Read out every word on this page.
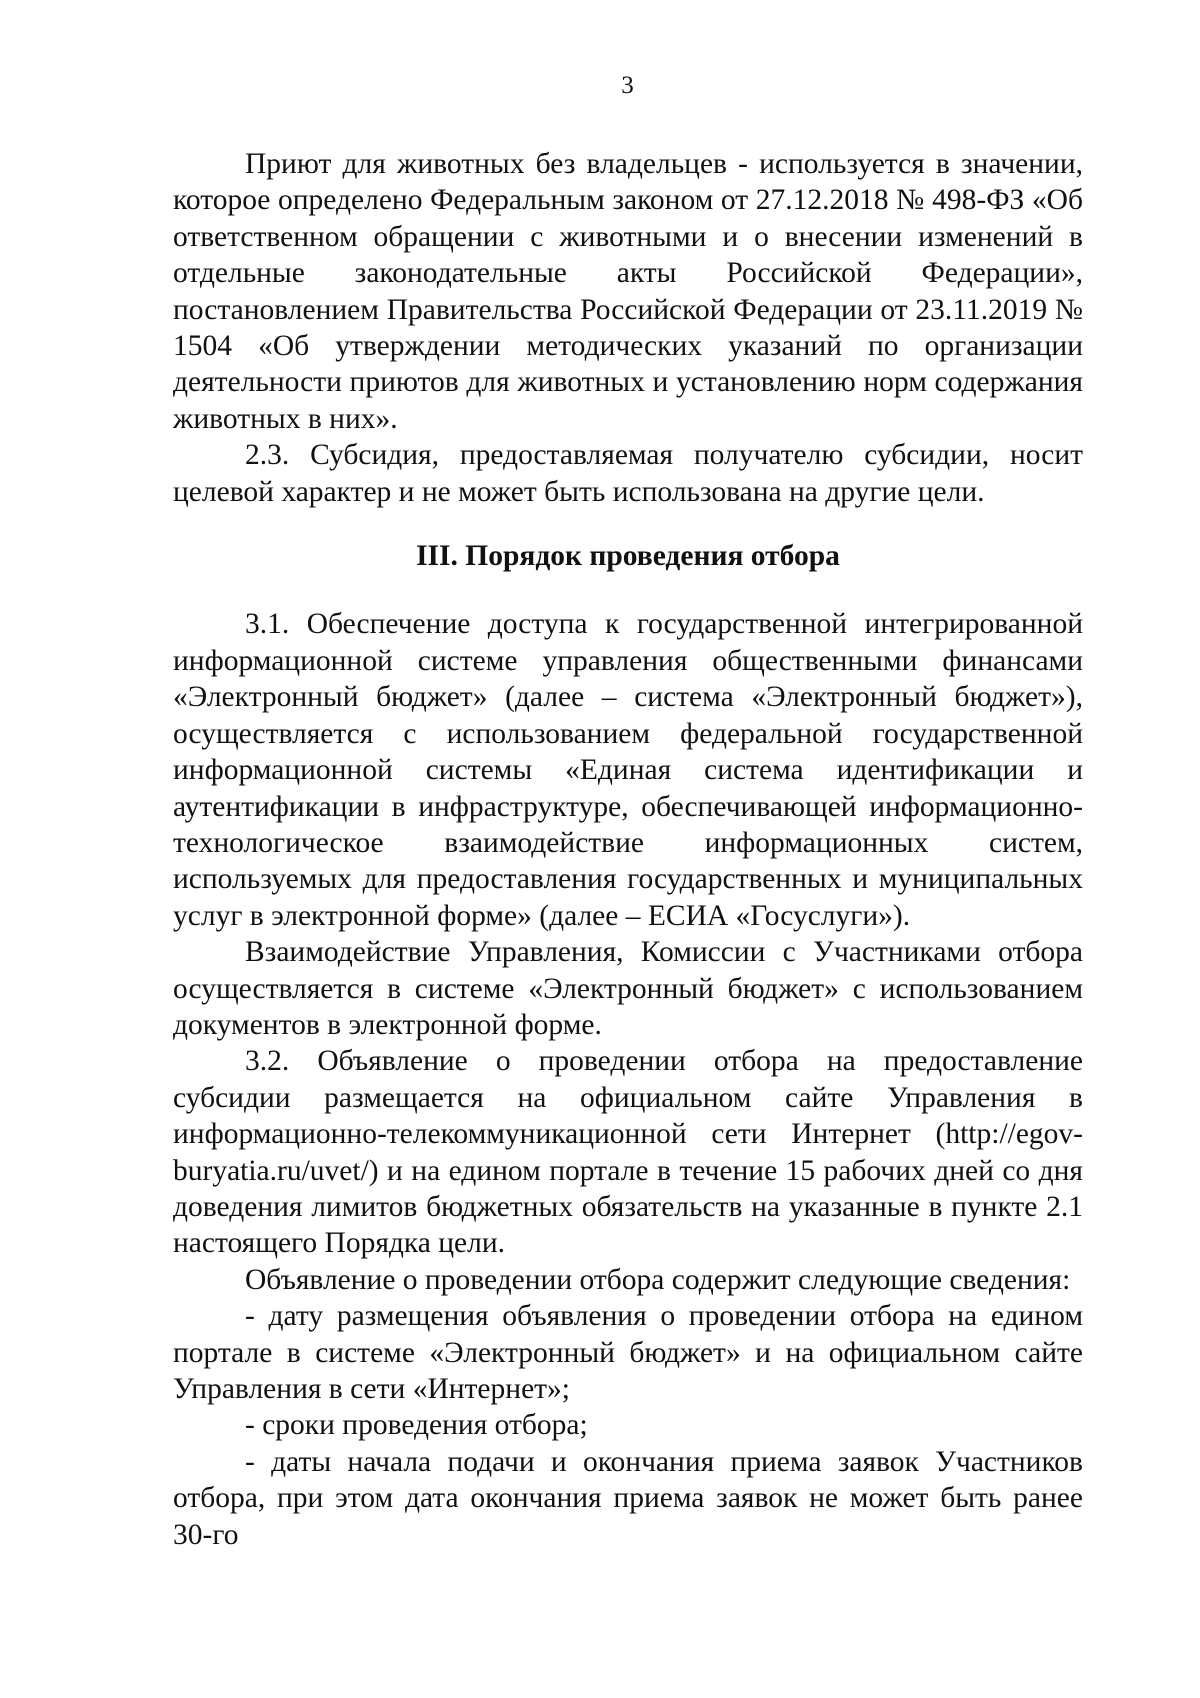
3

Приют для животных без владельцев - используется в значении, которое определено Федеральным законом от 27.12.2018 № 498-ФЗ «Об ответственном обращении с животными и о внесении изменений в отдельные законодательные акты Российской Федерации», постановлением Правительства Российской Федерации от 23.11.2019 № 1504 «Об утверждении методических указаний по организации деятельности приютов для животных и установлению норм содержания животных в них».

2.3. Субсидия, предоставляемая получателю субсидии, носит целевой характер и не может быть использована на другие цели.

III. Порядок проведения отбора

3.1. Обеспечение доступа к государственной интегрированной информационной системе управления общественными финансами «Электронный бюджет» (далее – система «Электронный бюджет»), осуществляется с использованием федеральной государственной информационной системы «Единая система идентификации и аутентификации в инфраструктуре, обеспечивающей информационно-технологическое взаимодействие информационных систем, используемых для предоставления государственных и муниципальных услуг в электронной форме» (далее – ЕСИА «Госуслуги»).

Взаимодействие Управления, Комиссии с Участниками отбора осуществляется в системе «Электронный бюджет» с использованием документов в электронной форме.

3.2. Объявление о проведении отбора на предоставление субсидии размещается на официальном сайте Управления в информационно-телекоммуникационной сети Интернет (http://egov-buryatia.ru/uvet/) и на едином портале в течение 15 рабочих дней со дня доведения лимитов бюджетных обязательств на указанные в пункте 2.1 настоящего Порядка цели.

Объявление о проведении отбора содержит следующие сведения:

- дату размещения объявления о проведении отбора на едином портале в системе «Электронный бюджет» и на официальном сайте Управления в сети «Интернет»;

- сроки проведения отбора;

- даты начала подачи и окончания приема заявок Участников отбора, при этом дата окончания приема заявок не может быть ранее 30-го
